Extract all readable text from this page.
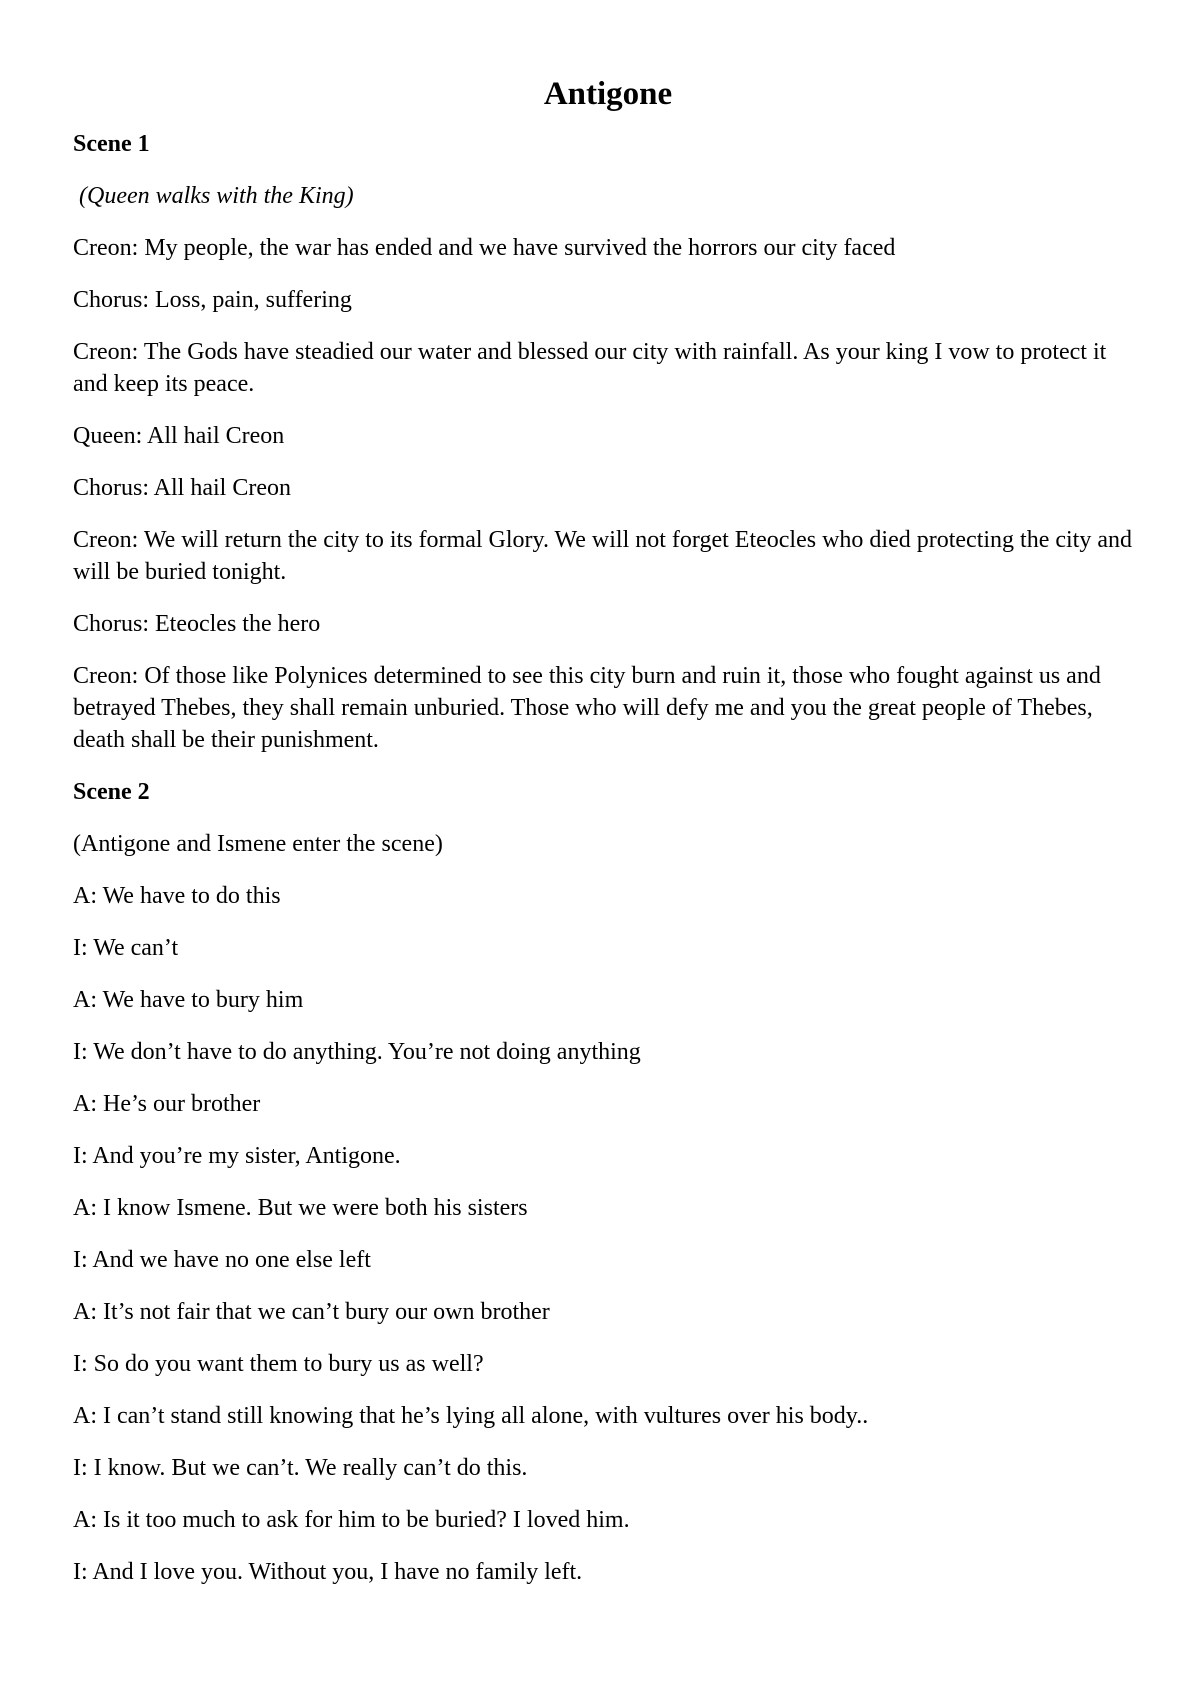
Antigone
Scene 1

(Queen walks with the King)

Creon: My people, the war has ended and we have survived the horrors our city faced

Chorus: Loss, pain, suffering

Creon: The Gods have steadied our water and blessed our city with rainfall. As your king I vow to protect it and keep its peace.

Queen: All hail Creon

Chorus: All hail Creon

Creon: We will return the city to its formal Glory. We will not forget Eteocles who died protecting the city and will be buried tonight.

Chorus: Eteocles the hero

Creon: Of those like Polynices determined to see this city burn and ruin it, those who fought against us and betrayed Thebes, they shall remain unburied. Those who will defy me and you the great people of Thebes, death shall be their punishment.

Scene 2

(Antigone and Ismene enter the scene)

A: We have to do this

I: We can’t

A: We have to bury him

I: We don’t have to do anything. You’re not doing anything

A: He’s our brother

I: And you’re my sister, Antigone.

A: I know Ismene. But we were both his sisters

I: And we have no one else left

A: It’s not fair that we can’t bury our own brother

I: So do you want them to bury us as well?

A: I can’t stand still knowing that he’s lying all alone, with vultures over his body..

I: I know. But we can’t. We really can’t do this.

A: Is it too much to ask for him to be buried? I loved him.

I: And I love you. Without you, I have no family left.
